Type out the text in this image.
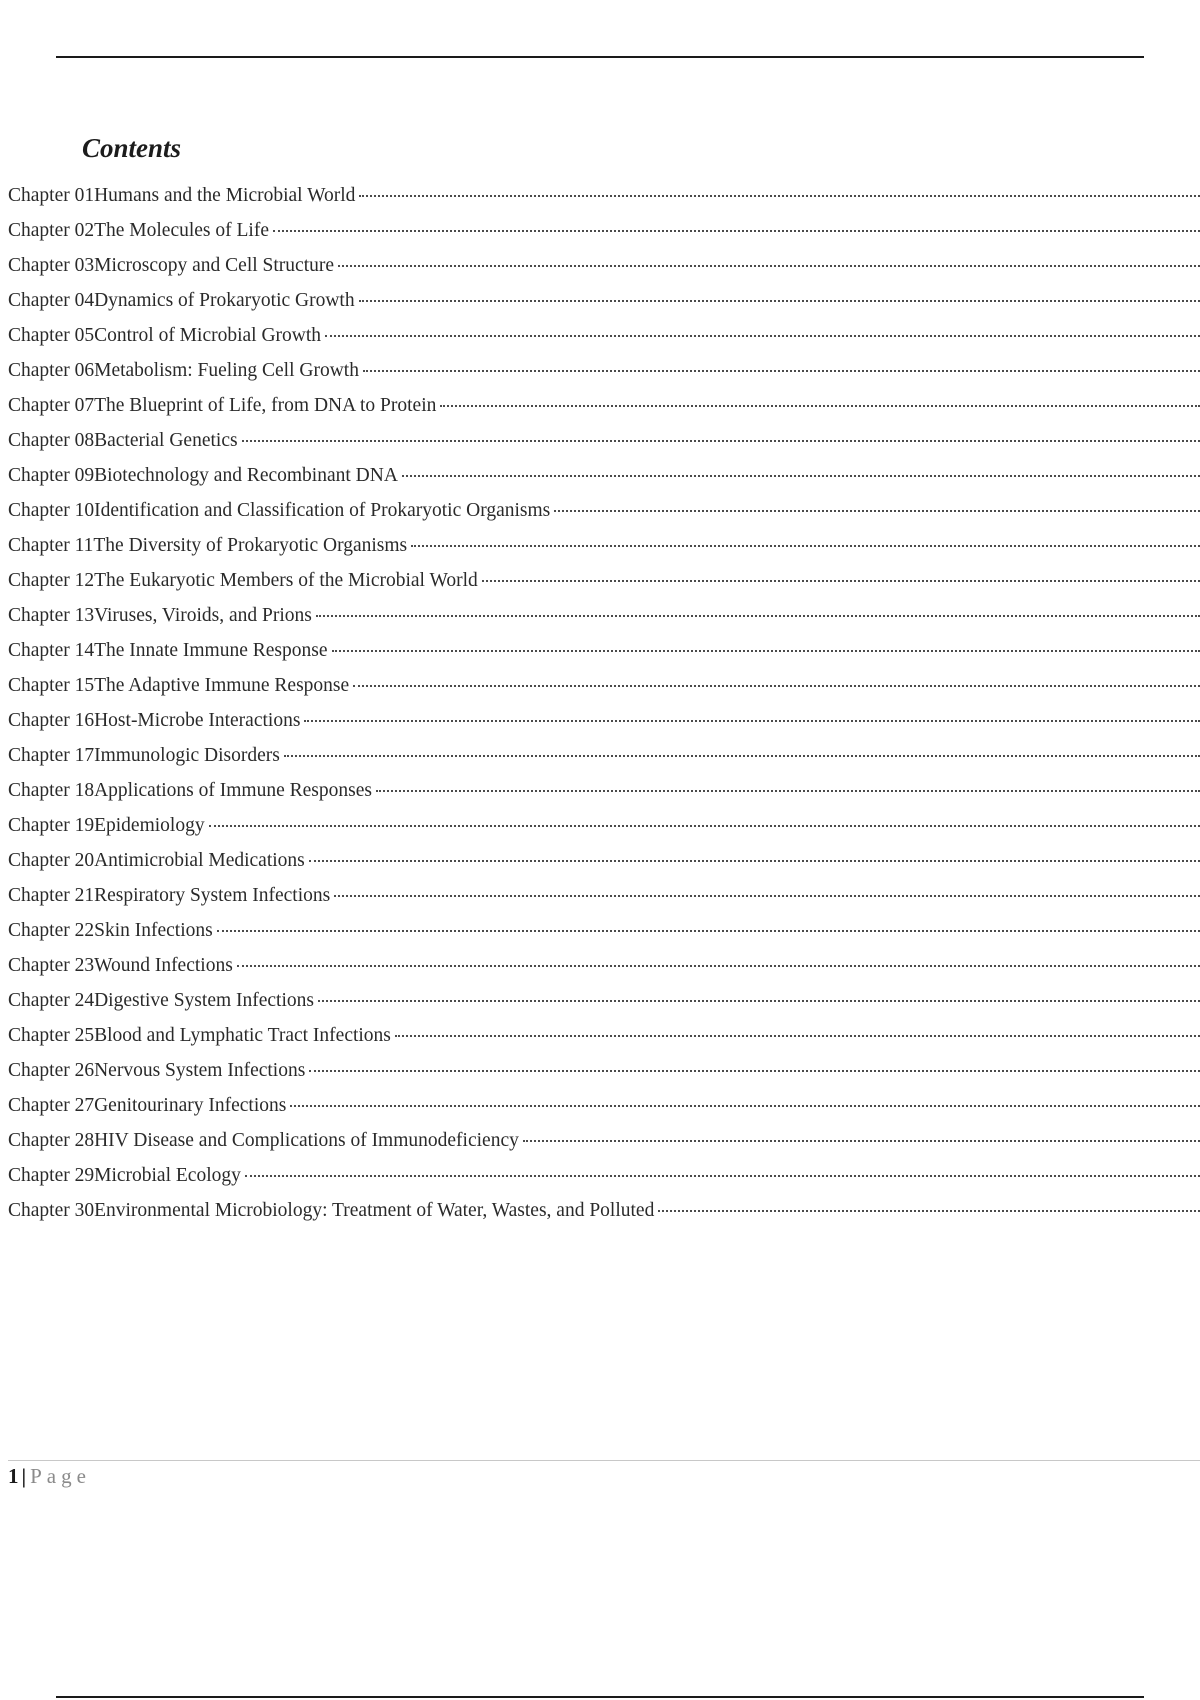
Contents
Chapter 01Humans and the Microbial World
Chapter 02The Molecules of Life
Chapter 03Microscopy and Cell Structure
Chapter 04Dynamics of Prokaryotic Growth
Chapter 05Control of Microbial Growth
Chapter 06Metabolism: Fueling Cell Growth
Chapter 07The Blueprint of Life, from DNA to Protein
Chapter 08Bacterial Genetics
Chapter 09Biotechnology and Recombinant DNA
Chapter 10Identification and Classification of Prokaryotic Organisms
Chapter 11The Diversity of Prokaryotic Organisms
Chapter 12The Eukaryotic Members of the Microbial World
Chapter 13Viruses, Viroids, and Prions
Chapter 14The Innate Immune Response
Chapter 15The Adaptive Immune Response
Chapter 16Host-Microbe Interactions
Chapter 17Immunologic Disorders
Chapter 18Applications of Immune Responses
Chapter 19Epidemiology
Chapter 20Antimicrobial Medications
Chapter 21Respiratory System Infections
Chapter 22Skin Infections
Chapter 23Wound Infections
Chapter 24Digestive System Infections
Chapter 25Blood and Lymphatic Tract Infections
Chapter 26Nervous System Infections
Chapter 27Genitourinary Infections
Chapter 28HIV Disease and Complications of Immunodeficiency
Chapter 29Microbial Ecology
Chapter 30Environmental Microbiology: Treatment of Water, Wastes, and Polluted
1 | Page
